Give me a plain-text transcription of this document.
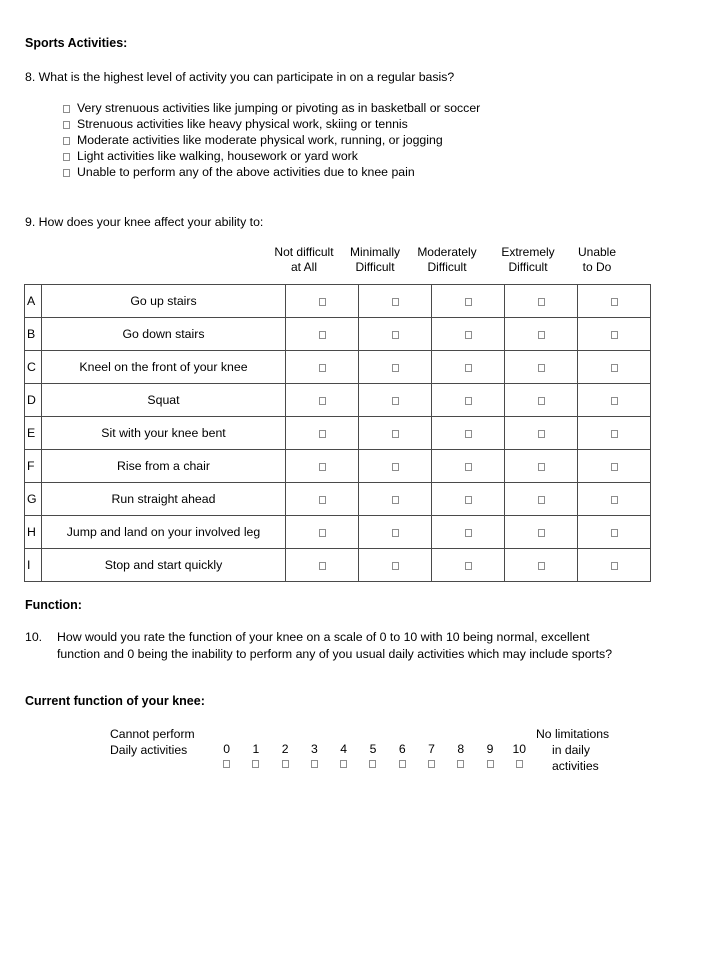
Sports Activities:
8. What is the highest level of activity you can participate in on a regular basis?
Very strenuous activities like jumping or pivoting as in basketball or soccer
Strenuous activities like heavy physical work, skiing or tennis
Moderate activities like moderate physical work, running, or jogging
Light activities like walking, housework or yard work
Unable to perform any of the above activities due to knee pain
9. How does your knee affect your ability to:
Not difficult
at All
Minimally
Difficult
Moderately
Difficult
Extremely
Difficult
Unable
to Do
A	Go up stairs					
B	Go down stairs					
C	Kneel on the front of your knee					
D	Squat					
E	Sit with your knee bent					
F	Rise from a chair					
G	Run straight ahead					
H	Jump and land on your involved leg					
I	Stop and start quickly					
Function:
10. How would you rate the function of your knee on a scale of 0 to 10 with 10 being normal, excellent
function and 0 being the inability to perform any of you usual daily activities which may include sports?
Current function of your knee:
Cannot perform
Daily activities
No limitations
in daily
activities
0	1	2	3	4	5	6	7	8	9	10
